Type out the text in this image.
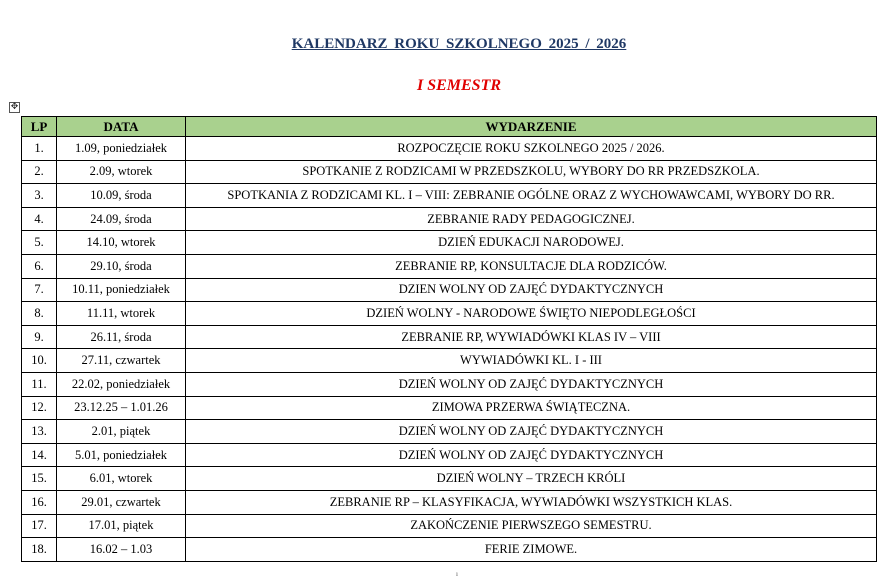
KALENDARZ ROKU SZKOLNEGO 2025 / 2026
I SEMESTR
✥
LP	DATA	WYDARZENIE
1.	1.09, poniedziałek	ROZPOCZĘCIE ROKU SZKOLNEGO 2025 / 2026.
2.	2.09, wtorek	SPOTKANIE Z RODZICAMI W PRZEDSZKOLU, WYBORY DO RR PRZEDSZKOLA.
3.	10.09, środa	SPOTKANIA Z RODZICAMI KL. I – VIII: ZEBRANIE OGÓLNE ORAZ Z WYCHOWAWCAMI, WYBORY DO RR.
4.	24.09, środa	ZEBRANIE RADY PEDAGOGICZNEJ.
5.	14.10, wtorek	DZIEŃ EDUKACJI NARODOWEJ.
6.	29.10, środa	ZEBRANIE RP, KONSULTACJE DLA RODZICÓW.
7.	10.11, poniedziałek	DZIEN WOLNY OD ZAJĘĆ DYDAKTYCZNYCH
8.	11.11, wtorek	DZIEŃ WOLNY - NARODOWE ŚWIĘTO NIEPODLEGŁOŚCI
9.	26.11, środa	ZEBRANIE RP, WYWIADÓWKI KLAS IV – VIII
10.	27.11, czwartek	WYWIADÓWKI KL. I - III
11.	22.02, poniedziałek	DZIEŃ WOLNY OD ZAJĘĆ DYDAKTYCZNYCH
12.	23.12.25 – 1.01.26	ZIMOWA PRZERWA ŚWIĄTECZNA.
13.	2.01, piątek	DZIEŃ WOLNY OD ZAJĘĆ DYDAKTYCZNYCH
14.	5.01, poniedziałek	DZIEŃ WOLNY OD ZAJĘĆ DYDAKTYCZNYCH
15.	6.01, wtorek	DZIEŃ WOLNY – TRZECH KRÓLI
16.	29.01, czwartek	ZEBRANIE RP – KLASYFIKACJA, WYWIADÓWKI WSZYSTKICH KLAS.
17.	17.01, piątek	ZAKOŃCZENIE PIERWSZEGO SEMESTRU.
18.	16.02 – 1.03	FERIE ZIMOWE.
ı
